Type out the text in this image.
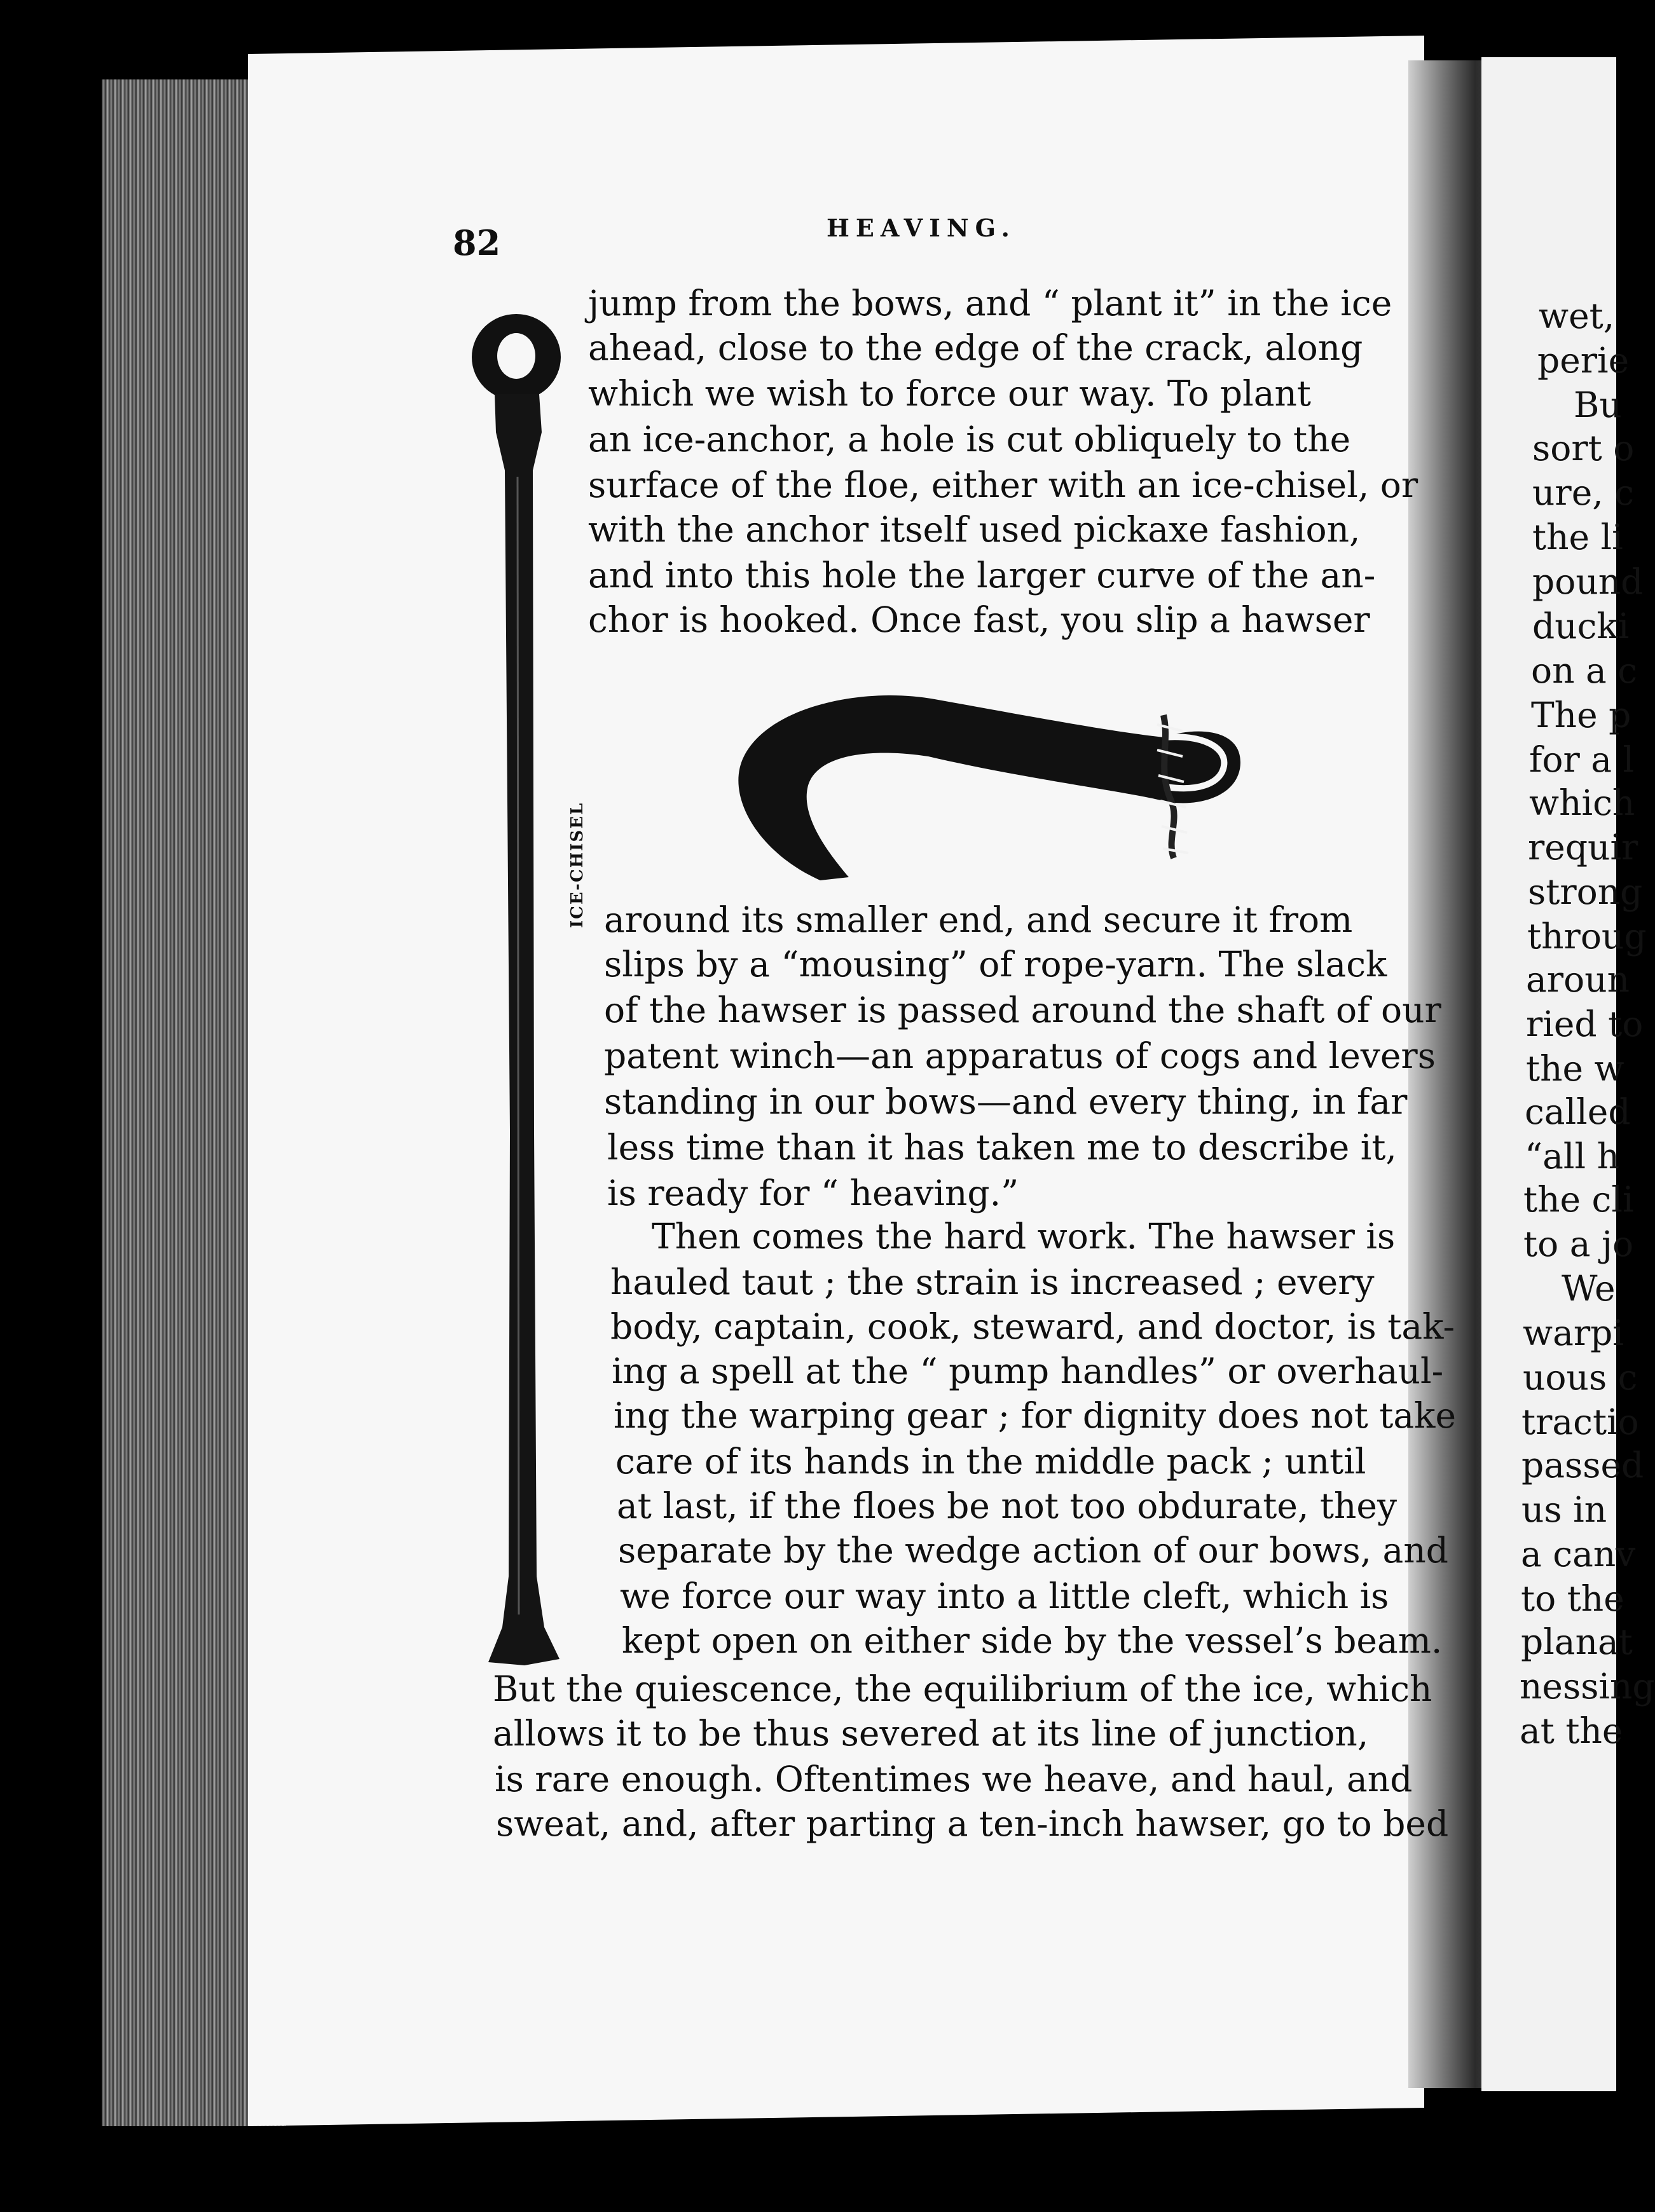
82	HEAVING.
jump from the bows, and “ plant it” in the ice
ahead, close to the edge of the crack, along
which we wish to force our way. To plant
an ice-anchor, a hole is cut obliquely to the
surface of the floe, either with an ice-chisel, or
with the anchor itself used pickaxe fashion,
and into this hole the larger curve of the an-
chor is hooked. Once fast, you slip a hawser
around its smaller end, and secure it from
slips by a “mousing” of rope-yarn. The slack
of the hawser is passed around the shaft of our
patent winch—an apparatus of cogs and levers
standing in our bows—and every thing, in far
less time than it has taken me to describe it,
is ready for “ heaving.”
Then comes the hard work. The hawser is
hauled taut ; the strain is increased ; every
body, captain, cook, steward, and doctor, is tak-
ing a spell at the “ pump handles” or overhaul-
ing the warping gear ; for dignity does not take
care of its hands in the middle pack ; until
at last, if the floes be not too obdurate, they
separate by the wedge action of our bows, and
we force our way into a little cleft, which is
kept open on either side by the vessel’s beam.
But the quiescence, the equilibrium of the ice, which
allows it to be thus severed at its line of junction,
is rare enough. Oftentimes we heave, and haul, and
sweat, and, after parting a ten-inch hawser, go to bed
ICE-CHISEL
wet,
perie
Bu
sort o
ure, c
the li
pound
ducki
on a c
The p
for a l
which
requir
strong
throug
aroun
ried to
the w
called
“all h
the cli
to a jo
We
warpi
uous c
tractio
passed
us in
a canv
to the
planat
nessing
at the
